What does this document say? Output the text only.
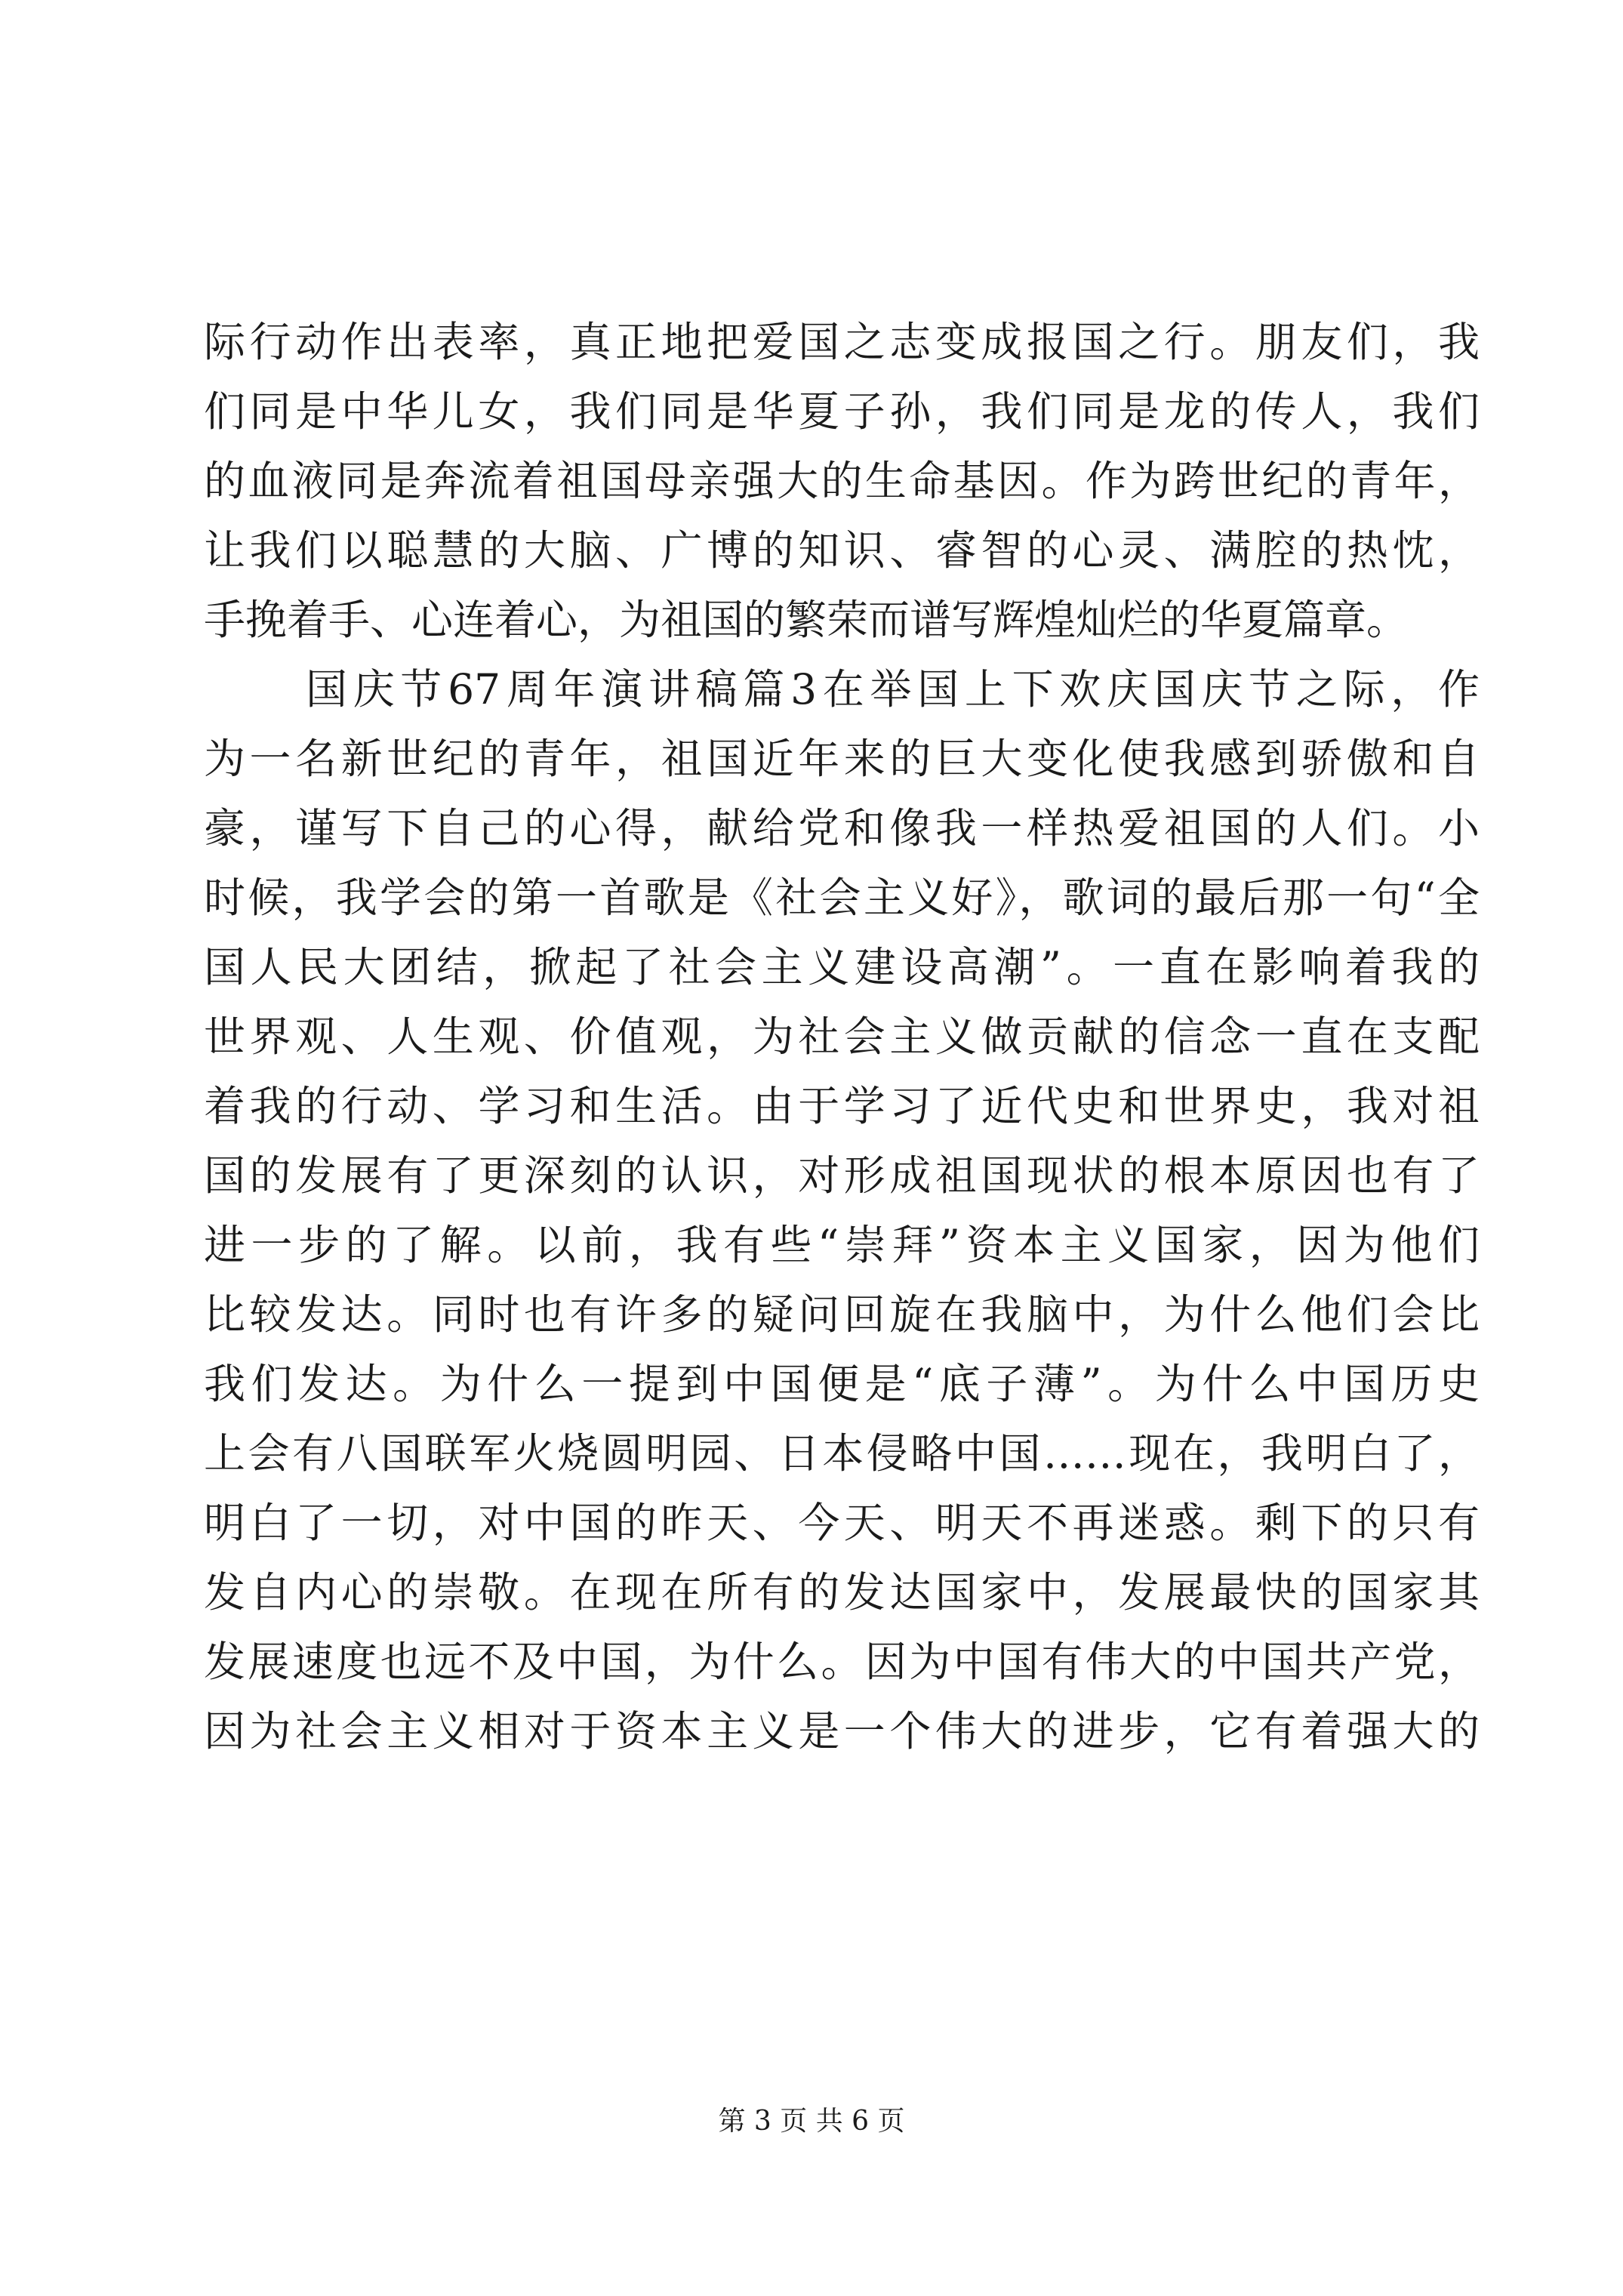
际行动作出表率，真正地把爱国之志变成报国之行。朋友们，我
们同是中华儿女，我们同是华夏子孙，我们同是龙的传人，我们
的血液同是奔流着祖国母亲强大的生命基因。作为跨世纪的青年，
让我们以聪慧的大脑、广博的知识、睿智的心灵、满腔的热忱，
手挽着手、心连着心，为祖国的繁荣而谱写辉煌灿烂的华夏篇章。
国庆节67周年演讲稿篇3在举国上下欢庆国庆节之际，作
为一名新世纪的青年，祖国近年来的巨大变化使我感到骄傲和自
豪，谨写下自己的心得，献给党和像我一样热爱祖国的人们。小
时候，我学会的第一首歌是《社会主义好》，歌词的最后那一句“全
国人民大团结，掀起了社会主义建设高潮”。一直在影响着我的
世界观、人生观、价值观，为社会主义做贡献的信念一直在支配
着我的行动、学习和生活。由于学习了近代史和世界史，我对祖
国的发展有了更深刻的认识，对形成祖国现状的根本原因也有了
进一步的了解。以前，我有些“崇拜”资本主义国家，因为他们
比较发达。同时也有许多的疑问回旋在我脑中，为什么他们会比
我们发达。为什么一提到中国便是“底子薄”。为什么中国历史
上会有八国联军火烧圆明园、日本侵略中国……现在，我明白了，
明白了一切，对中国的昨天、今天、明天不再迷惑。剩下的只有
发自内心的崇敬。在现在所有的发达国家中，发展最快的国家其
发展速度也远不及中国，为什么。因为中国有伟大的中国共产党，
因为社会主义相对于资本主义是一个伟大的进步，它有着强大的
第 3 页 共 6 页
